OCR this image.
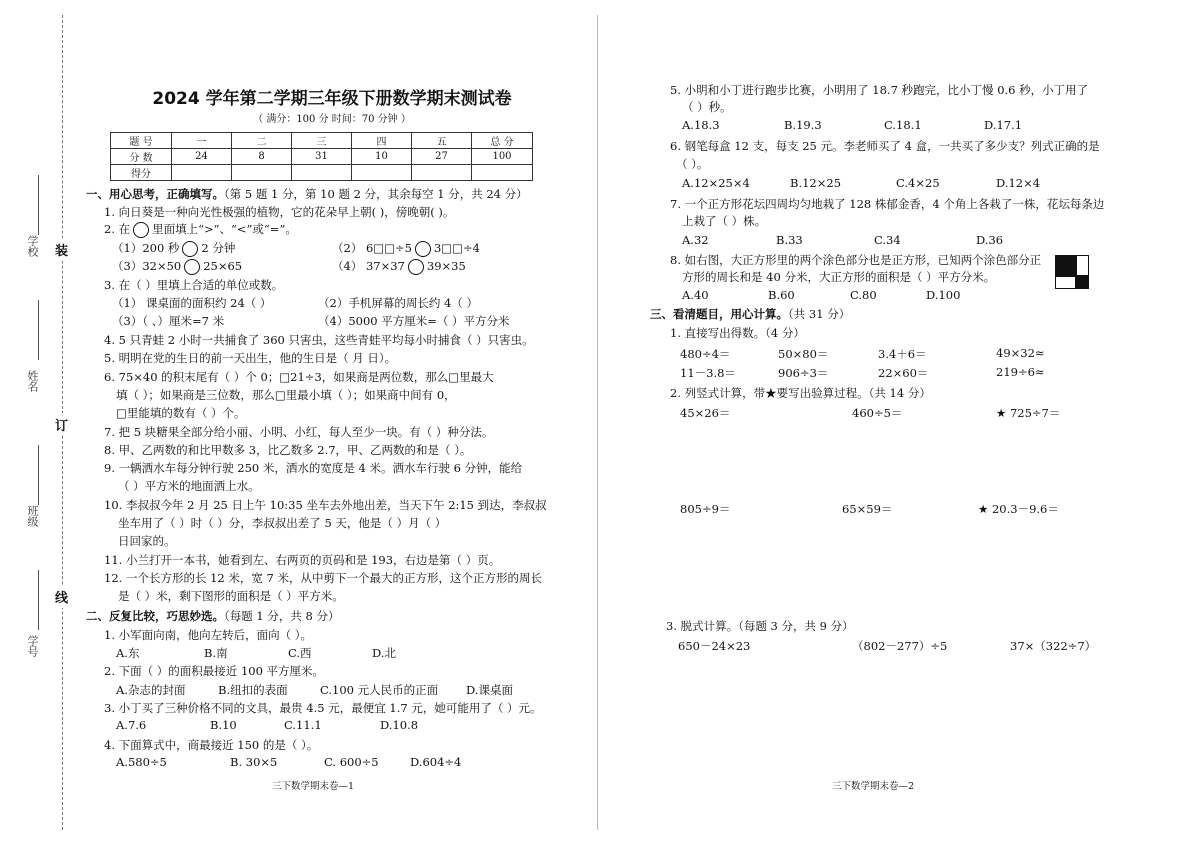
学校
姓名
班级
学号
装
订
线
2024 学年第二学期三年级下册数学期末测试卷
（ 满分：100 分 时间：70 分钟 ）
题 号	一	二	三	四	五	总 分
分 数	24	8	31	10	27	100
得分						
一、用心思考，正确填写。（第 5 题 1 分，第 10 题 2 分，其余每空 1 分，共 24 分）
1. 向日葵是一种向光性极强的植物，它的花朵早上朝( )，傍晚朝( )。
2. 在 里面填上“>”、“<”或“=”。
（1）200 秒 2 分钟	（2） 6□□÷5 3□□÷4
（3）32×50 25×65	（4） 37×37 39×35
3. 在（ ）里填上合适的单位或数。
（1） 课桌面的面积约 24（ ）	（2）手机屏幕的周长约 4（ ）
（3）（ 、）厘米=7 米	（4）5000 平方厘米=（ ）平方分米
4. 5 只青蛙 2 小时一共捕食了 360 只害虫，这些青蛙平均每小时捕食（ ）只害虫。
5. 明明在党的生日的前一天出生，他的生日是（ 月 日）。
6. 75×40 的积末尾有（ ）个 0；□21÷3，如果商是两位数，那么□里最大
填（ ）；如果商是三位数，那么□里最小填（ ）；如果商中间有 0，
□里能填的数有（ ）个。
7. 把 5 块糖果全部分给小丽、小明、小红，每人至少一块。有（ ）种分法。
8. 甲、乙两数的和比甲数多 3，比乙数多 2.7，甲、乙两数的和是（ ）。
9. 一辆洒水车每分钟行驶 250 米，洒水的宽度是 4 米。洒水车行驶 6 分钟，能给
（ ）平方米的地面洒上水。
10. 李叔叔今年 2 月 25 日上午 10:35 坐车去外地出差，当天下午 2:15 到达，李叔叔
坐车用了（ ）时（ ）分，李叔叔出差了 5 天，他是（ ）月（ ）
日回家的。
11. 小兰打开一本书，她看到左、右两页的页码和是 193，右边是第（ ）页。
12. 一个长方形的长 12 米，宽 7 米，从中剪下一个最大的正方形，这个正方形的周长
是（ ）米，剩下图形的面积是（ ）平方米。
二、反复比较，巧思妙选。（每题 1 分，共 8 分）
1. 小军面向南，他向左转后，面向（ ）。
A.东	B.南	C.西	D.北
2. 下面（ ）的面积最接近 100 平方厘米。
A.杂志的封面	B.纽扣的表面	C.100 元人民币的正面 D.课桌面
3. 小丁买了三种价格不同的文具，最贵 4.5 元，最便宜 1.7 元，她可能用了（ ）元。
A.7.6	B.10	C.11.1	D.10.8
4. 下面算式中，商最接近 150 的是（ ）。
A.580÷5	B. 30×5	C. 600÷5	D.604÷4
三下数学期末卷—1
5. 小明和小丁进行跑步比赛，小明用了 18.7 秒跑完，比小丁慢 0.6 秒，小丁用了
（ ）秒。
A.18.3	B.19.3	C.18.1	D.17.1
6. 钢笔每盒 12 支，每支 25 元。李老师买了 4 盒，一共买了多少支？列式正确的是
（ ）。
A.12×25×4	B.12×25	C.4×25	D.12×4
7. 一个正方形花坛四周均匀地栽了 128 株郁金香，4 个角上各栽了一株，花坛每条边
上栽了（ ）株。
A.32	B.33	C.34	D.36
8. 如右图，大正方形里的两个涂色部分也是正方形，已知两个涂色部分正
方形的周长和是 40 分米，大正方形的面积是（ ）平方分米。
A.40	B.60	C.80	D.100
三、看清题目，用心计算。（共 31 分）
1. 直接写出得数。（4 分）
480÷4＝	50×80＝	3.4＋6＝	49×32≈
11－3.8＝	906÷3＝	22×60＝	219÷6≈
2. 列竖式计算，带★要写出验算过程。（共 14 分）
45×26＝	460÷5＝	★ 725÷7＝
805÷9＝	65×59＝	★ 20.3－9.6＝
3. 脱式计算。（每题 3 分，共 9 分）
650－24×23	（802－277）÷5	37×（322÷7）
三下数学期末卷—2
